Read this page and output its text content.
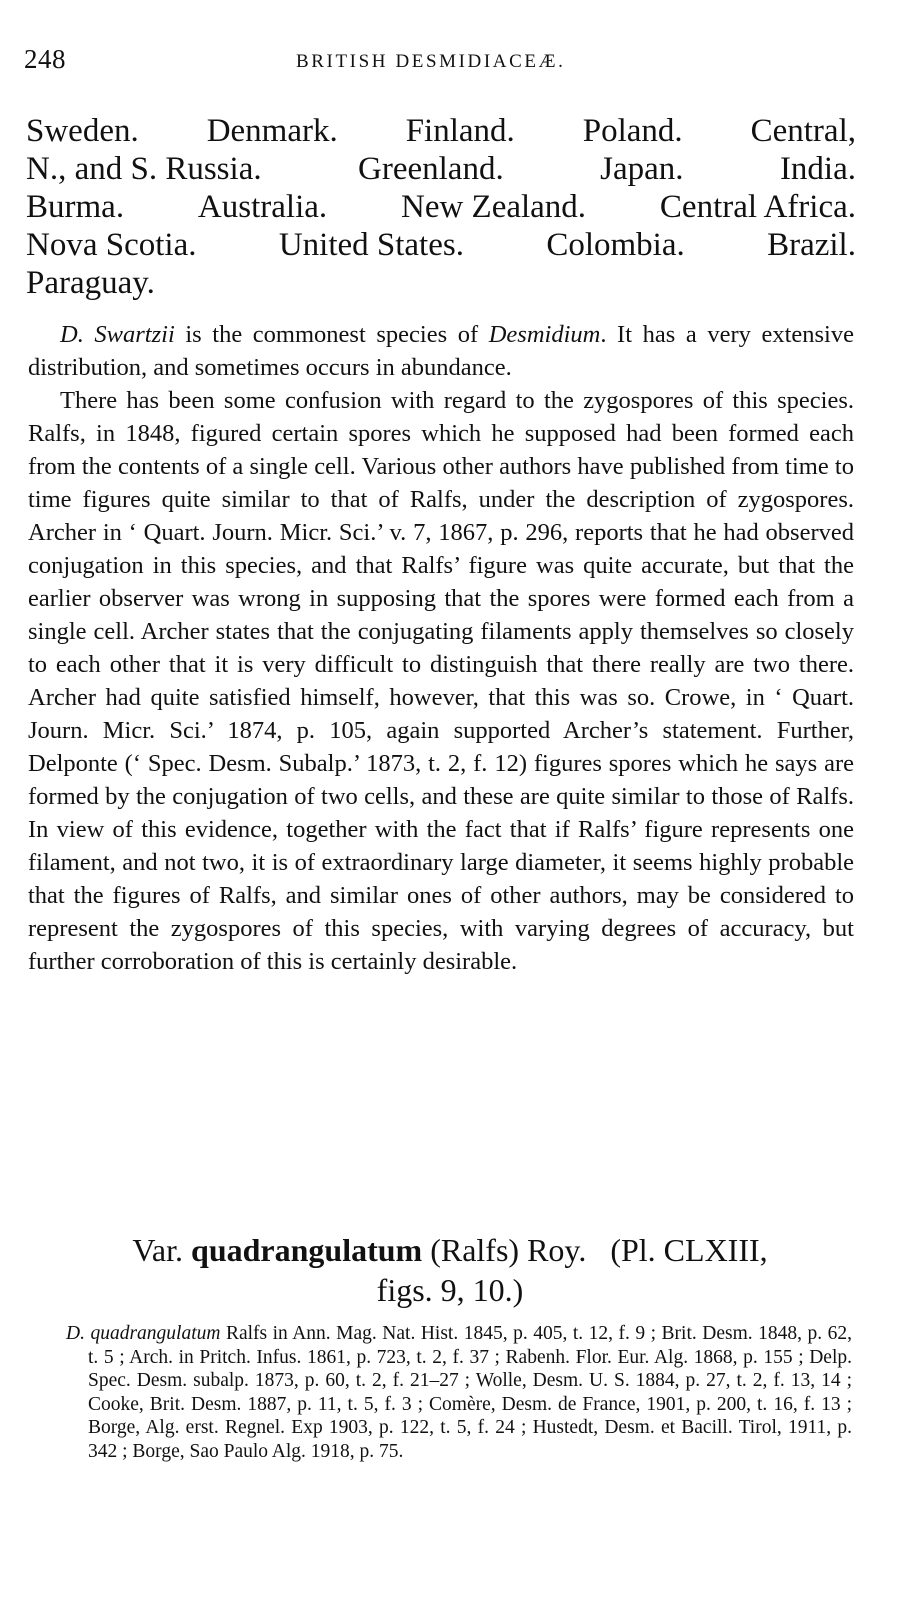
248	BRITISH DESMIDIACEÆ.
Sweden. Denmark. Finland. Poland. Central,
N., and S. Russia.	Greenland.	Japan.	India.
Burma. Australia. New Zealand. Central Africa.
Nova Scotia. United States. Colombia. Brazil.
Paraguay.

D. Swartzii is the commonest species of Desmidium. It has a very extensive distribution, and sometimes occurs in abundance.

There has been some confusion with regard to the zygospores of this species. Ralfs, in 1848, figured certain spores which he supposed had been formed each from the contents of a single cell. Various other authors have published from time to time figures quite similar to that of Ralfs, under the description of zygospores. Archer in ‘ Quart. Journ. Micr. Sci.’ v. 7, 1867, p. 296, reports that he had observed conjugation in this species, and that Ralfs’ figure was quite accurate, but that the earlier observer was wrong in supposing that the spores were formed each from a single cell. Archer states that the conjugating filaments apply themselves so closely to each other that it is very difficult to distinguish that there really are two there. Archer had quite satisfied himself, however, that this was so. Crowe, in ‘ Quart. Journ. Micr. Sci.’ 1874, p. 105, again supported Archer’s statement. Further, Delponte (‘ Spec. Desm. Subalp.’ 1873, t. 2, f. 12) figures spores which he says are formed by the conjugation of two cells, and these are quite similar to those of Ralfs. In view of this evidence, together with the fact that if Ralfs’ figure represents one filament, and not two, it is of extraordinary large diameter, it seems highly probable that the figures of Ralfs, and similar ones of other authors, may be considered to represent the zygospores of this species, with varying degrees of accuracy, but further corroboration of this is certainly desirable.

Var. quadrangulatum (Ralfs) Roy. (Pl. CLXIII,
figs. 9, 10.)

D. quadrangulatum Ralfs in Ann. Mag. Nat. Hist. 1845, p. 405, t. 12, f. 9 ; Brit. Desm. 1848, p. 62, t. 5 ; Arch. in Pritch. Infus. 1861, p. 723, t. 2, f. 37 ; Rabenh. Flor. Eur. Alg. 1868, p. 155 ; Delp. Spec. Desm. subalp. 1873, p. 60, t. 2, f. 21–27 ; Wolle, Desm. U. S. 1884, p. 27, t. 2, f. 13, 14 ; Cooke, Brit. Desm. 1887, p. 11, t. 5, f. 3 ; Comère, Desm. de France, 1901, p. 200, t. 16, f. 13 ; Borge, Alg. erst. Regnel. Exp 1903, p. 122, t. 5, f. 24 ; Hustedt, Desm. et Bacill. Tirol, 1911, p. 342 ; Borge, Sao Paulo Alg. 1918, p. 75.
